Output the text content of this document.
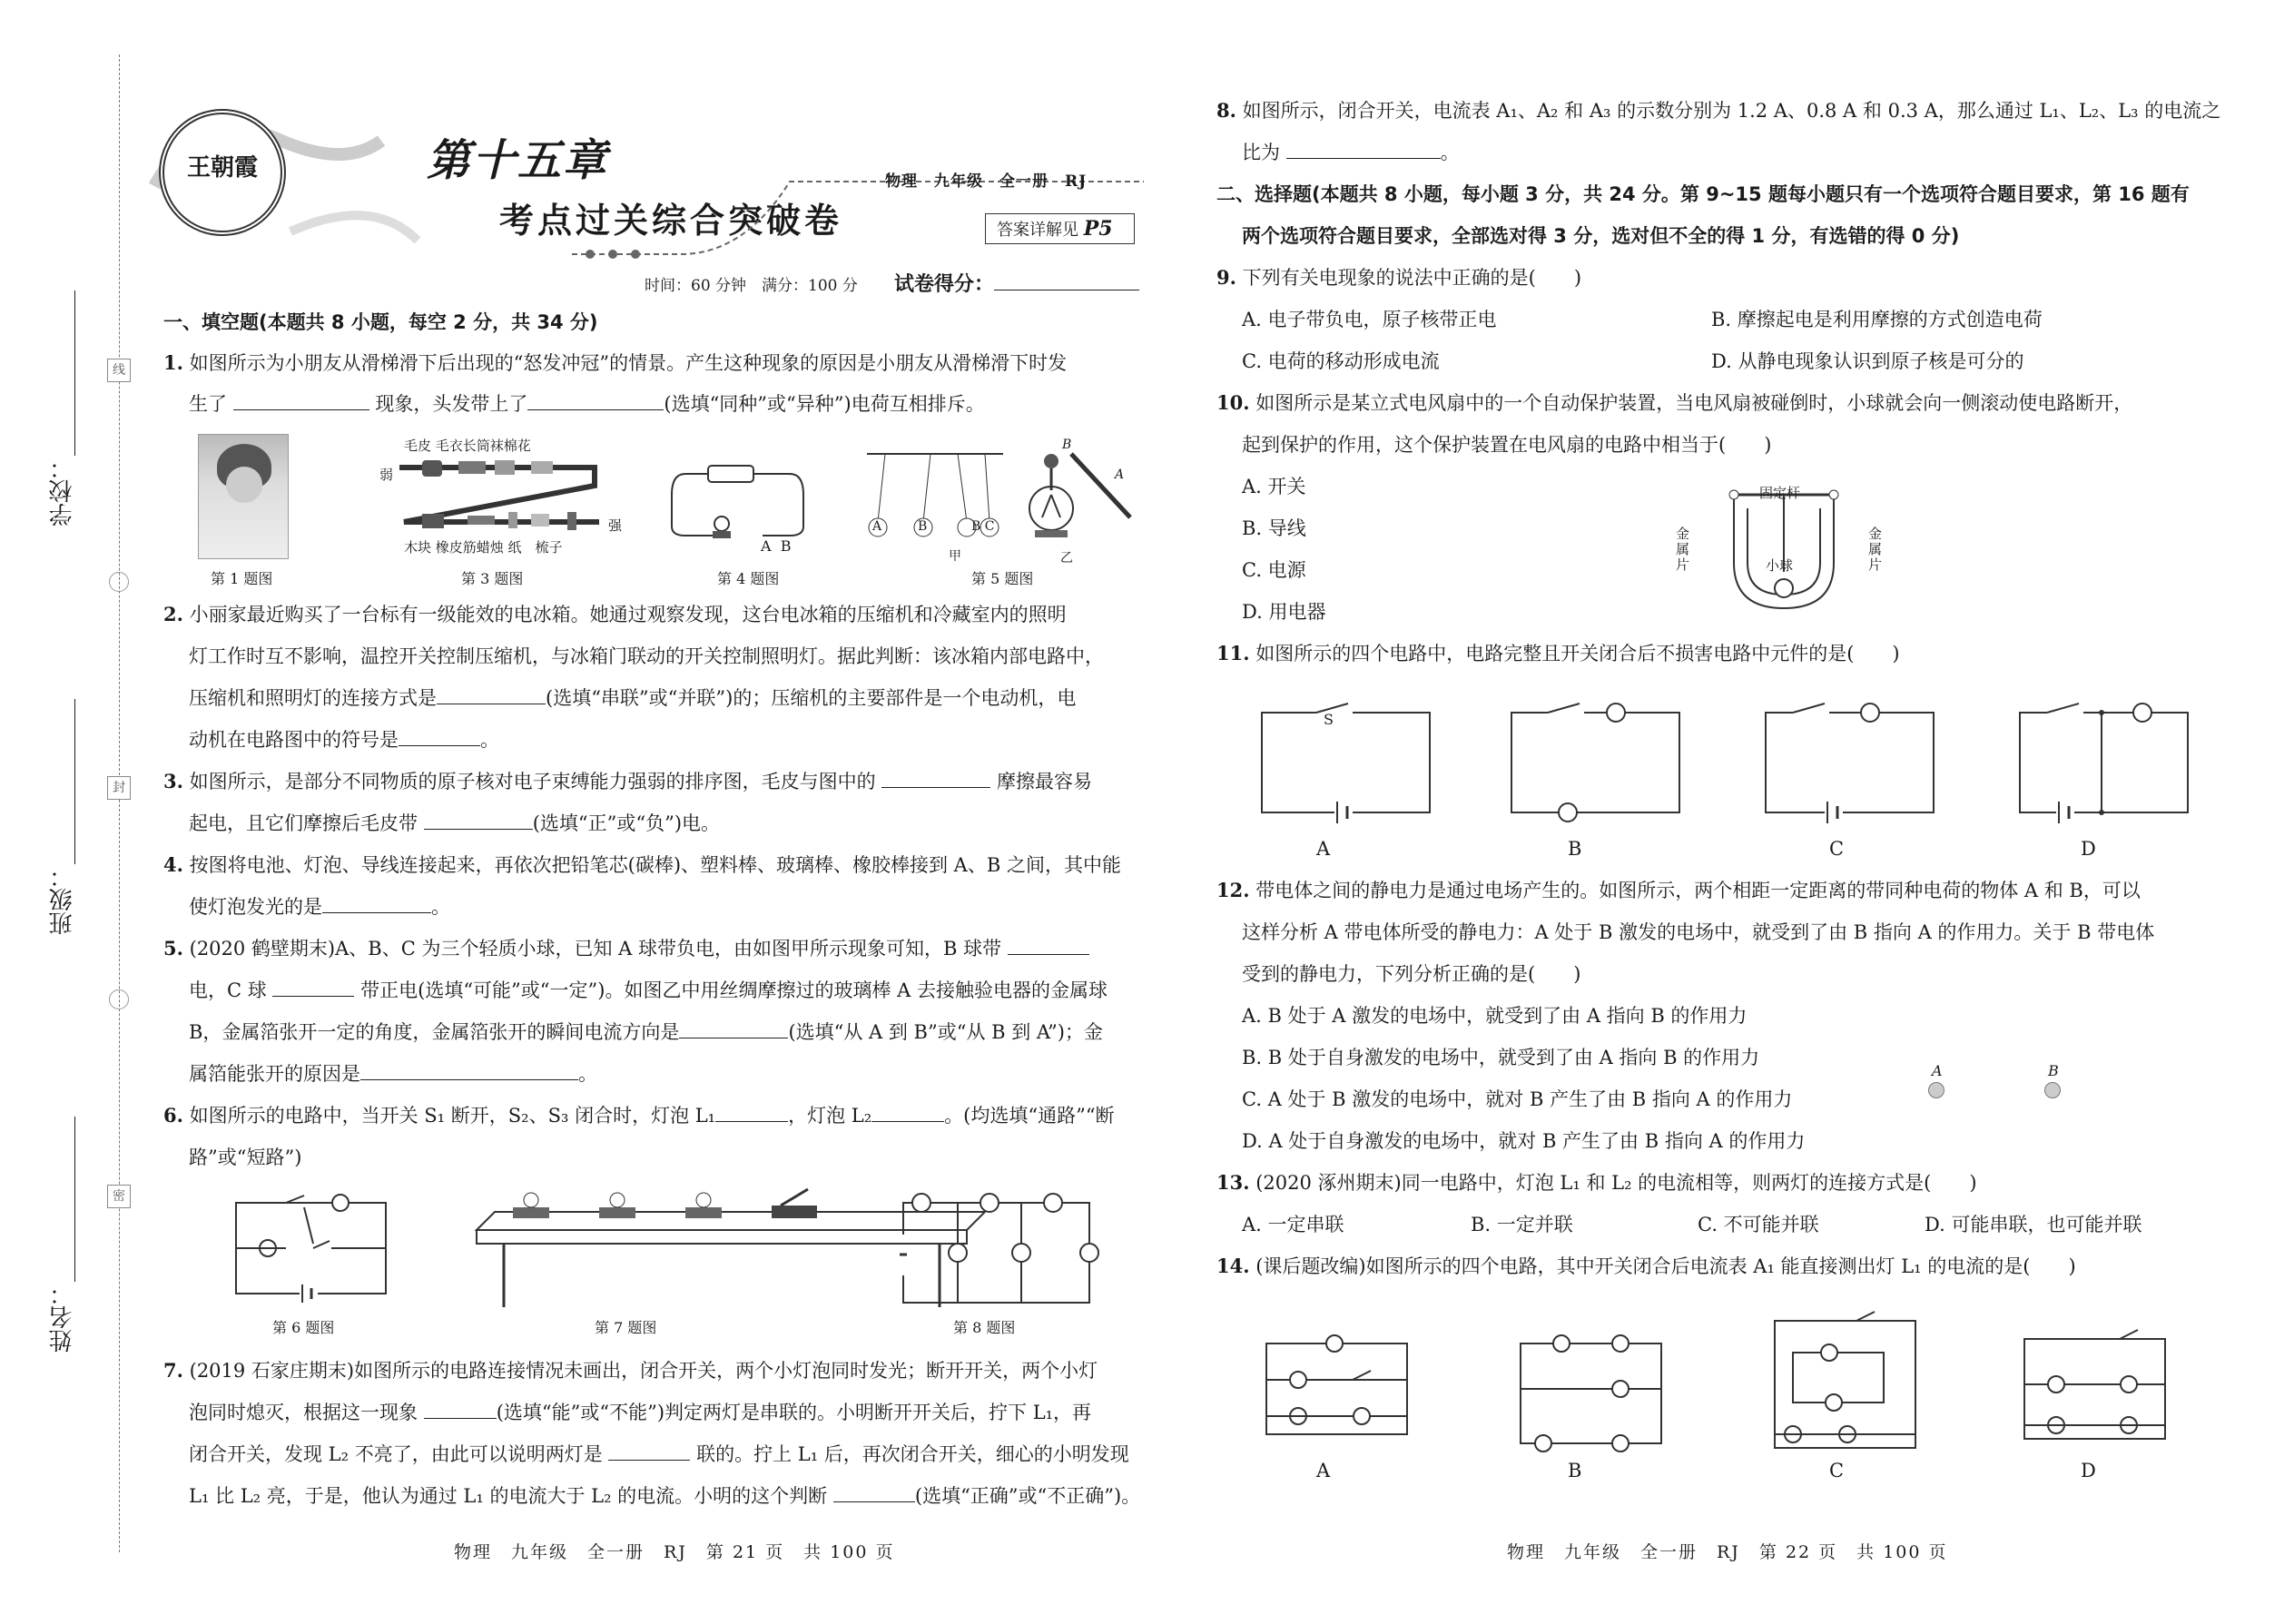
线
封
密
学校：______________
班级：______________
姓名：______________
王朝霞	第十五章
考点过关综合突破卷
物理　九年级　全一册　RJ
答案详解见 P5
时间：60 分钟　满分：100 分 试卷得分：
一、填空题(本题共 8 小题，每空 2 分，共 34 分)
1. 如图所示为小朋友从滑梯滑下后出现的“怒发冲冠”的情景。产生这种现象的原因是小朋友从滑梯滑下时发
生了	现象，头发带上了	(选填“同种”或“异种”)电荷互相排斥。
第 1 题图
毛皮 毛衣长筒袜棉花
弱
强
木块 橡皮筋蜡烛 纸　梳子
第 3 题图
A B
第 4 题图
A	B	B C
甲
B
A
乙
第 5 题图
2. 小丽家最近购买了一台标有一级能效的电冰箱。她通过观察发现，这台电冰箱的压缩机和冷藏室内的照明
灯工作时互不影响，温控开关控制压缩机，与冰箱门联动的开关控制照明灯。据此判断：该冰箱内部电路中，
压缩机和照明灯的连接方式是	(选填“串联”或“并联”)的；压缩机的主要部件是一个电动机，电
动机在电路图中的符号是	。
3. 如图所示，是部分不同物质的原子核对电子束缚能力强弱的排序图，毛皮与图中的	摩擦最容易
起电，且它们摩擦后毛皮带	(选填“正”或“负”)电。
4. 按图将电池、灯泡、导线连接起来，再依次把铅笔芯(碳棒)、塑料棒、玻璃棒、橡胶棒接到 A、B 之间，其中能
使灯泡发光的是	。
5. (2020 鹤壁期末)A、B、C 为三个轻质小球，已知 A 球带负电，由如图甲所示现象可知，B 球带
电，C 球	带正电(选填“可能”或“一定”)。如图乙中用丝绸摩擦过的玻璃棒 A 去接触验电器的金属球
B，金属箔张开一定的角度，金属箔张开的瞬间电流方向是	(选填“从 A 到 B”或“从 B 到 A”)；金
属箔能张开的原因是	。
6. 如图所示的电路中，当开关 S₁ 断开，S₂、S₃ 闭合时，灯泡 L₁	，灯泡 L₂	。(均选填“通路”“断
路”或“短路”)
第 6 题图	第 7 题图	第 8 题图
7. (2019 石家庄期末)如图所示的电路连接情况未画出，闭合开关，两个小灯泡同时发光；断开开关，两个小灯
泡同时熄灭，根据这一现象	(选填“能”或“不能”)判定两灯是串联的。小明断开开关后，拧下 L₁，再
闭合开关，发现 L₂ 不亮了，由此可以说明两灯是	联的。拧上 L₁ 后，再次闭合开关，细心的小明发现
L₁ 比 L₂ 亮，于是，他认为通过 L₁ 的电流大于 L₂ 的电流。小明的这个判断	(选填“正确”或“不正确”)。
物理　九年级　全一册　RJ　第 21 页　共 100 页
8. 如图所示，闭合开关，电流表 A₁、A₂ 和 A₃ 的示数分别为 1.2 A、0.8 A 和 0.3 A，那么通过 L₁、L₂、L₃ 的电流之
比为	。
二、选择题(本题共 8 小题，每小题 3 分，共 24 分。第 9~15 题每小题只有一个选项符合题目要求，第 16 题有
两个选项符合题目要求，全部选对得 3 分，选对但不全的得 1 分，有选错的得 0 分)
9. 下列有关电现象的说法中正确的是(　　)
A. 电子带负电，原子核带正电	B. 摩擦起电是利用摩擦的方式创造电荷
C. 电荷的移动形成电流	D. 从静电现象认识到原子核是可分的
10. 如图所示是某立式电风扇中的一个自动保护装置，当电风扇被碰倒时，小球就会向一侧滚动使电路断开，
起到保护的作用，这个保护装置在电风扇的电路中相当于(　　)
A. 开关
B. 导线
C. 电源
D. 用电器
固定杆
金属片
金属片
小球
11. 如图所示的四个电路中，电路完整且开关闭合后不损害电路中元件的是(　　)
S
A	B	C	D
12. 带电体之间的静电力是通过电场产生的。如图所示，两个相距一定距离的带同种电荷的物体 A 和 B，可以
这样分析 A 带电体所受的静电力：A 处于 B 激发的电场中，就受到了由 B 指向 A 的作用力。关于 B 带电体
受到的静电力，下列分析正确的是(　　)
A. B 处于 A 激发的电场中，就受到了由 A 指向 B 的作用力
B. B 处于自身激发的电场中，就受到了由 A 指向 B 的作用力
C. A 处于 B 激发的电场中，就对 B 产生了由 B 指向 A 的作用力
D. A 处于自身激发的电场中，就对 B 产生了由 B 指向 A 的作用力
A	B
13. (2020 涿州期末)同一电路中，灯泡 L₁ 和 L₂ 的电流相等，则两灯的连接方式是(　　)
A. 一定串联	B. 一定并联	C. 不可能并联	D. 可能串联，也可能并联
14. (课后题改编)如图所示的四个电路，其中开关闭合后电流表 A₁ 能直接测出灯 L₁ 的电流的是(　　)
A	B	C	D
物理　九年级　全一册　RJ　第 22 页　共 100 页
